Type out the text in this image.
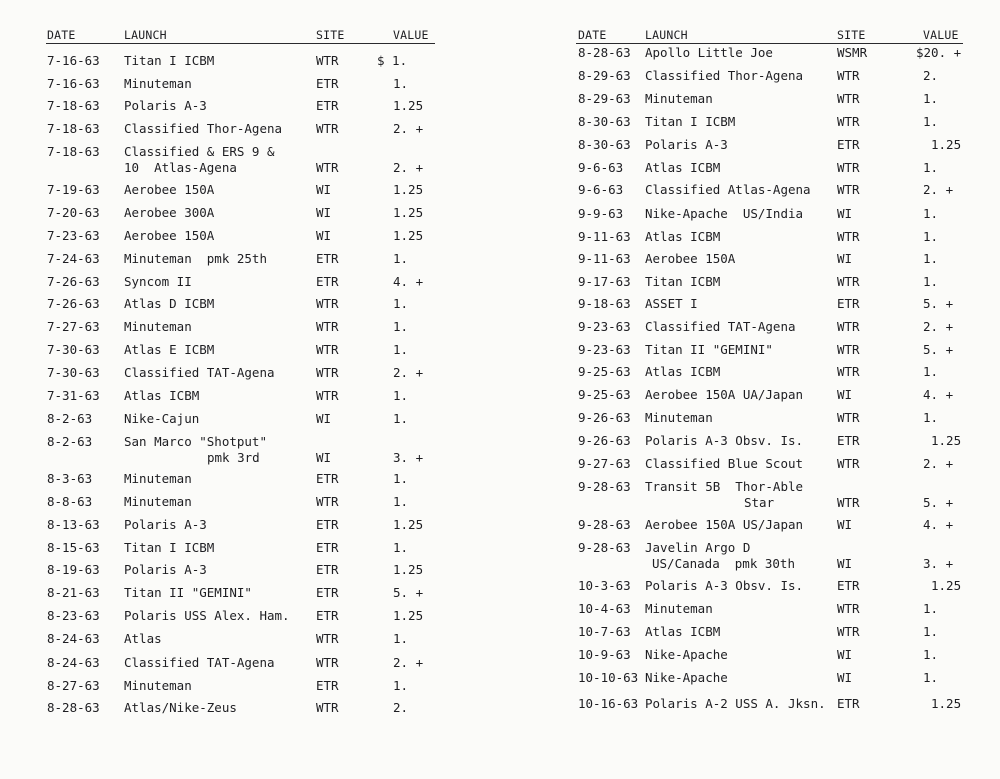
DATE	LAUNCH	SITE	VALUE
7-16-63 Titan I ICBM	WTR	$ 1.
7-16-63 Minuteman	ETR	1.
7-18-63 Polaris A-3	ETR	1.25
7-18-63 Classified Thor-Agena	WTR	2. +
7-18-63 Classified & ERS 9 &
10  Atlas-Agena	WTR	2. +
7-19-63 Aerobee 150A	WI	1.25
7-20-63 Aerobee 300A	WI	1.25
7-23-63 Aerobee 150A	WI	1.25
7-24-63 Minuteman  pmk 25th	ETR	1.
7-26-63 Syncom II	ETR	4. +
7-26-63 Atlas D ICBM	WTR	1.
7-27-63 Minuteman	WTR	1.
7-30-63 Atlas E ICBM	WTR	1.
7-30-63 Classified TAT-Agena	WTR	2. +
7-31-63 Atlas ICBM	WTR	1.
8-2-63	Nike-Cajun	WI	1.
8-2-63	San Marco "Shotput"
pmk 3rd	WI	3. +
8-3-63	Minuteman	ETR	1.
8-8-63	Minuteman	WTR	1.
8-13-63 Polaris A-3	ETR	1.25
8-15-63 Titan I ICBM	ETR	1.
8-19-63 Polaris A-3	ETR	1.25
8-21-63 Titan II "GEMINI"	ETR	5. +
8-23-63 Polaris USS Alex. Ham. ETR	1.25
8-24-63 Atlas	WTR	1.
8-24-63 Classified TAT-Agena	WTR	2. +
8-27-63 Minuteman	ETR	1.
8-28-63 Atlas/Nike-Zeus	WTR	2.
DATE	LAUNCH	SITE	VALUE
8-28-63 Apollo Little Joe	WSMR	$20. +
8-29-63 Classified Thor-Agena	WTR	2.
8-29-63 Minuteman	WTR	1.
8-30-63 Titan I ICBM	WTR	1.
8-30-63 Polaris A-3	ETR	1.25
9-6-63 Atlas ICBM	WTR	1.
9-6-63 Classified Atlas-Agena WTR	2. +
9-9-63 Nike-Apache  US/India	WI	1.
9-11-63 Atlas ICBM	WTR	1.
9-11-63 Aerobee 150A	WI	1.
9-17-63 Titan ICBM	WTR	1.
9-18-63 ASSET I	ETR	5. +
9-23-63 Classified TAT-Agena	WTR	2. +
9-23-63 Titan II "GEMINI"	WTR	5. +
9-25-63 Atlas ICBM	WTR	1.
9-25-63 Aerobee 150A UA/Japan	WI	4. +
9-26-63 Minuteman	WTR	1.
9-26-63 Polaris A-3 Obsv. Is.	ETR	1.25
9-27-63 Classified Blue Scout	WTR	2. +
9-28-63 Transit 5B  Thor-Able
Star	WTR	5. +
9-28-63 Aerobee 150A US/Japan	WI	4. +
9-28-63 Javelin Argo D
US/Canada  pmk 30th	WI	3. +
10-3-63 Polaris A-3 Obsv. Is.	ETR	1.25
10-4-63 Minuteman	WTR	1.
10-7-63 Atlas ICBM	WTR	1.
10-9-63 Nike-Apache	WI	1.
10-10-63 Nike-Apache	WI	1.
10-16-63 Polaris A-2 USS A. Jksn. ETR	1.25
